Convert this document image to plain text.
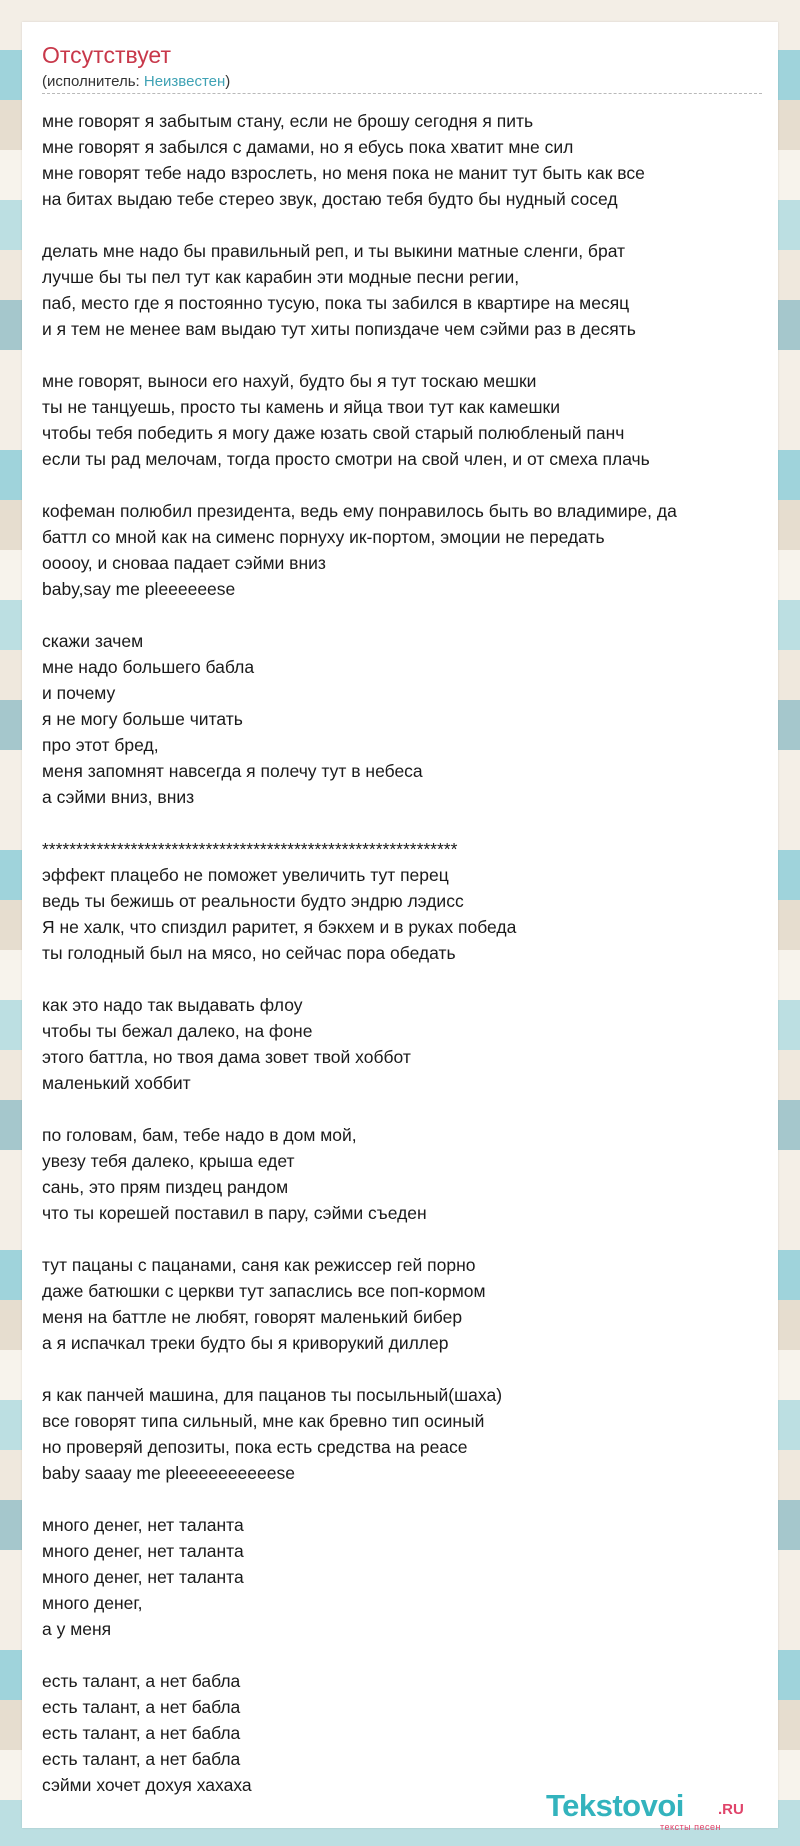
Отсутствует
(исполнитель: Неизвестен)
мне говорят я забытым стану, если не брошу сегодня я пить
мне говорят я забылся с дамами, но я ебусь пока хватит мне сил
мне говорят тебе надо взрослеть, но меня пока не манит тут быть как все
на битах выдаю тебе стерео звук, достаю тебя будто бы нудный сосед
делать мне надо бы правильный реп, и ты выкини матные сленги, брат
лучше бы ты пел тут как карабин эти модные песни регии,
паб, место где я постоянно тусую, пока ты забился в квартире на месяц
и я тем не менее вам выдаю тут хиты попиздаче чем сэйми раз в десять
мне говорят, выноси его нахуй, будто бы я тут тоскаю мешки
ты не танцуешь, просто ты камень и яйца твои тут как камешки
чтобы тебя победить я могу даже юзать свой старый полюбленый панч
если ты рад мелочам, тогда просто смотри на свой член, и от смеха плачь
кофеман полюбил президента, ведь ему понравилось быть во владимире, да
баттл со мной как на сименс порнуху ик-портом, эмоции не передать
ооооу, и сноваа падает сэйми вниз
baby,say me pleeeeeese
скажи зачем
мне надо большего бабла
и почему
я не могу больше читать
про этот бред,
меня запомнят навсегда я полечу тут в небеса
а сэйми вниз, вниз
*************************************************************
эффект плацебо не поможет увеличить тут перец
ведь ты бежишь от реальности будто эндрю лэдисс
Я не халк, что спиздил раритет, я бэкхем и в руках победа
ты голодный был на мясо, но сейчас пора обедать
как это надо так выдавать флоу
чтобы ты бежал далеко, на фоне
этого баттла, но твоя дама зовет твой хоббот
маленький хоббит
по головам, бам, тебе надо в дом мой,
увезу тебя далеко, крыша едет
сань, это прям пиздец рандом
что ты корешей поставил в пару, сэйми съеден
тут пацаны с пацанами, саня как режиссер гей порно
даже батюшки с церкви тут запаслись все поп-кормом
меня на баттле не любят, говорят маленький бибер
а я испачкал треки будто бы я криворукий диллер
я как панчей машина, для пацанов ты посыльный(шаха)
все говорят типа сильный, мне как бревно тип осиный
но проверяй депозиты, пока есть средства на peace
baby saaay me pleeeeeeeeeese
много денег, нет таланта
много денег, нет таланта
много денег, нет таланта
много денег,
а у меня
есть талант, а нет бабла
есть талант, а нет бабла
есть талант, а нет бабла
есть талант, а нет бабла
сэйми хочет дохуя хахаха
Tekstovoi .RU
тексты песен
